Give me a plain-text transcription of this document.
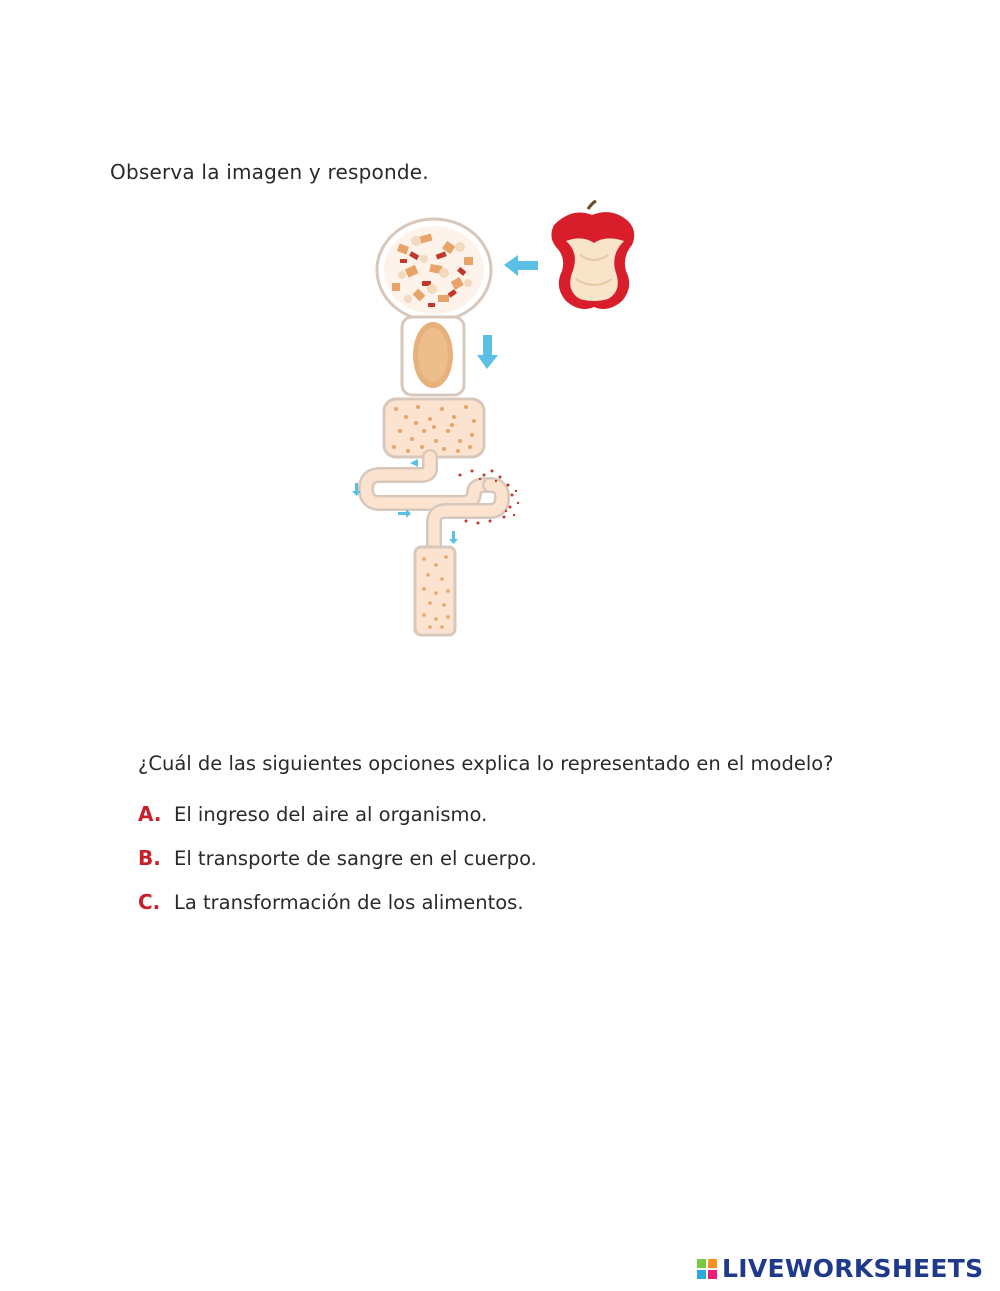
Observa la imagen y responde.
¿Cuál de las siguientes opciones explica lo representado en el modelo?
A. El ingreso del aire al organismo.
B. El transporte de sangre en el cuerpo.
C. La transformación de los alimentos.
LIVEWORKSHEETS
